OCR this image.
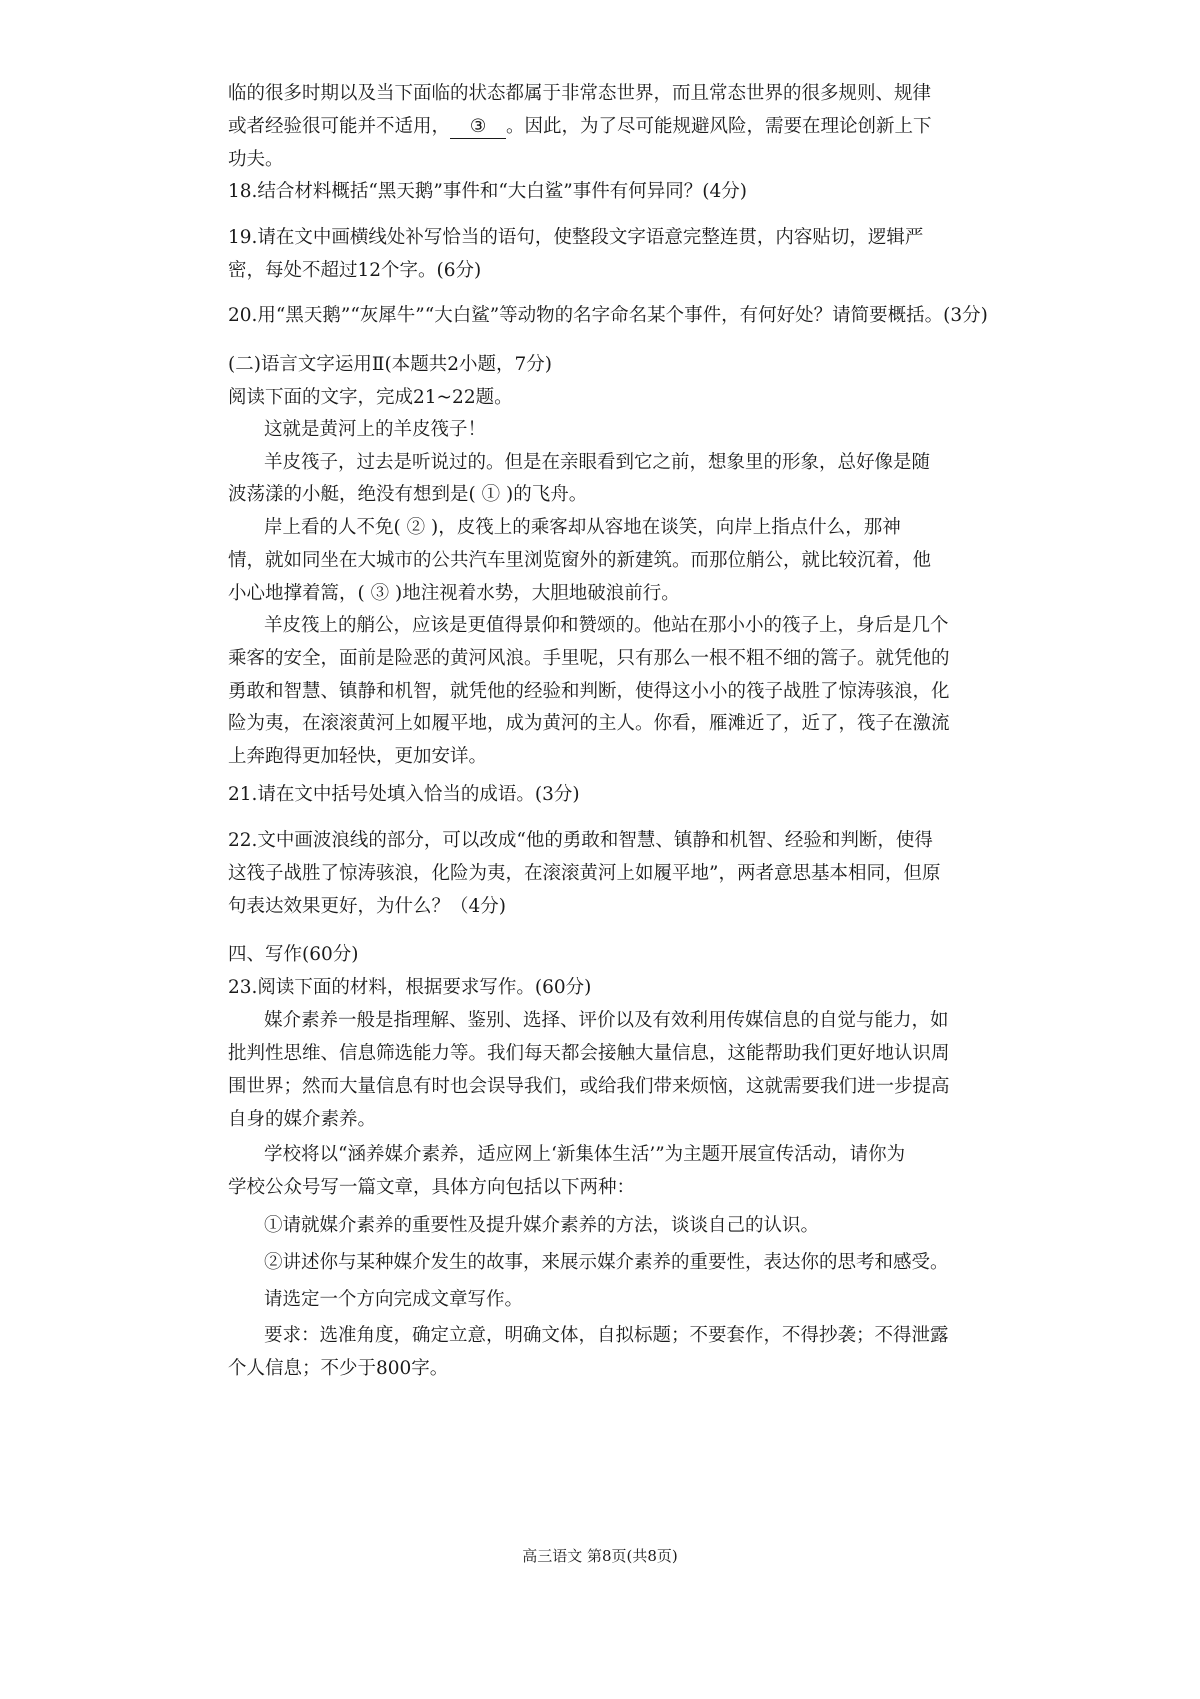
临的很多时期以及当下面临的状态都属于非常态世界，而且常态世界的很多规则、规律
或者经验很可能并不适用， ③ 。因此，为了尽可能规避风险，需要在理论创新上下
功夫。
18.结合材料概括“黑天鹅”事件和“大白鲨”事件有何异同？(4分)
19.请在文中画横线处补写恰当的语句，使整段文字语意完整连贯，内容贴切，逻辑严
密，每处不超过12个字。(6分)
20.用“黑天鹅”“灰犀牛”“大白鲨”等动物的名字命名某个事件，有何好处？请简要概括。(3分)
(二)语言文字运用Ⅱ(本题共2小题，7分)
阅读下面的文字，完成21~22题。
这就是黄河上的羊皮筏子！
羊皮筏子，过去是听说过的。但是在亲眼看到它之前，想象里的形象，总好像是随
波荡漾的小艇，绝没有想到是( ① )的飞舟。
岸上看的人不免( ② )，皮筏上的乘客却从容地在谈笑，向岸上指点什么，那神
情，就如同坐在大城市的公共汽车里浏览窗外的新建筑。而那位艄公，就比较沉着，他
小心地撑着篙，( ③ )地注视着水势，大胆地破浪前行。
羊皮筏上的艄公，应该是更值得景仰和赞颂的。他站在那小小的筏子上，身后是几个
乘客的安全，面前是险恶的黄河风浪。手里呢，只有那么一根不粗不细的篙子。就凭他的
勇敢和智慧、镇静和机智，就凭他的经验和判断，使得这小小的筏子战胜了惊涛骇浪，化
险为夷，在滚滚黄河上如履平地，成为黄河的主人。你看，雁滩近了，近了，筏子在激流
上奔跑得更加轻快，更加安详。
21.请在文中括号处填入恰当的成语。(3分)
22.文中画波浪线的部分，可以改成“他的勇敢和智慧、镇静和机智、经验和判断，使得
这筏子战胜了惊涛骇浪，化险为夷，在滚滚黄河上如履平地”，两者意思基本相同，但原
句表达效果更好，为什么？（4分)
四、写作(60分)
23.阅读下面的材料，根据要求写作。(60分)
媒介素养一般是指理解、鉴别、选择、评价以及有效利用传媒信息的自觉与能力，如
批判性思维、信息筛选能力等。我们每天都会接触大量信息，这能帮助我们更好地认识周
围世界；然而大量信息有时也会误导我们，或给我们带来烦恼，这就需要我们进一步提高
自身的媒介素养。
学校将以“涵养媒介素养，适应网上‘新集体生活’”为主题开展宣传活动，请你为
学校公众号写一篇文章，具体方向包括以下两种：
①请就媒介素养的重要性及提升媒介素养的方法，谈谈自己的认识。
②讲述你与某种媒介发生的故事，来展示媒介素养的重要性，表达你的思考和感受。
请选定一个方向完成文章写作。
要求：选准角度，确定立意，明确文体，自拟标题；不要套作，不得抄袭；不得泄露
个人信息；不少于800字。
高三语文 第8页(共8页)
